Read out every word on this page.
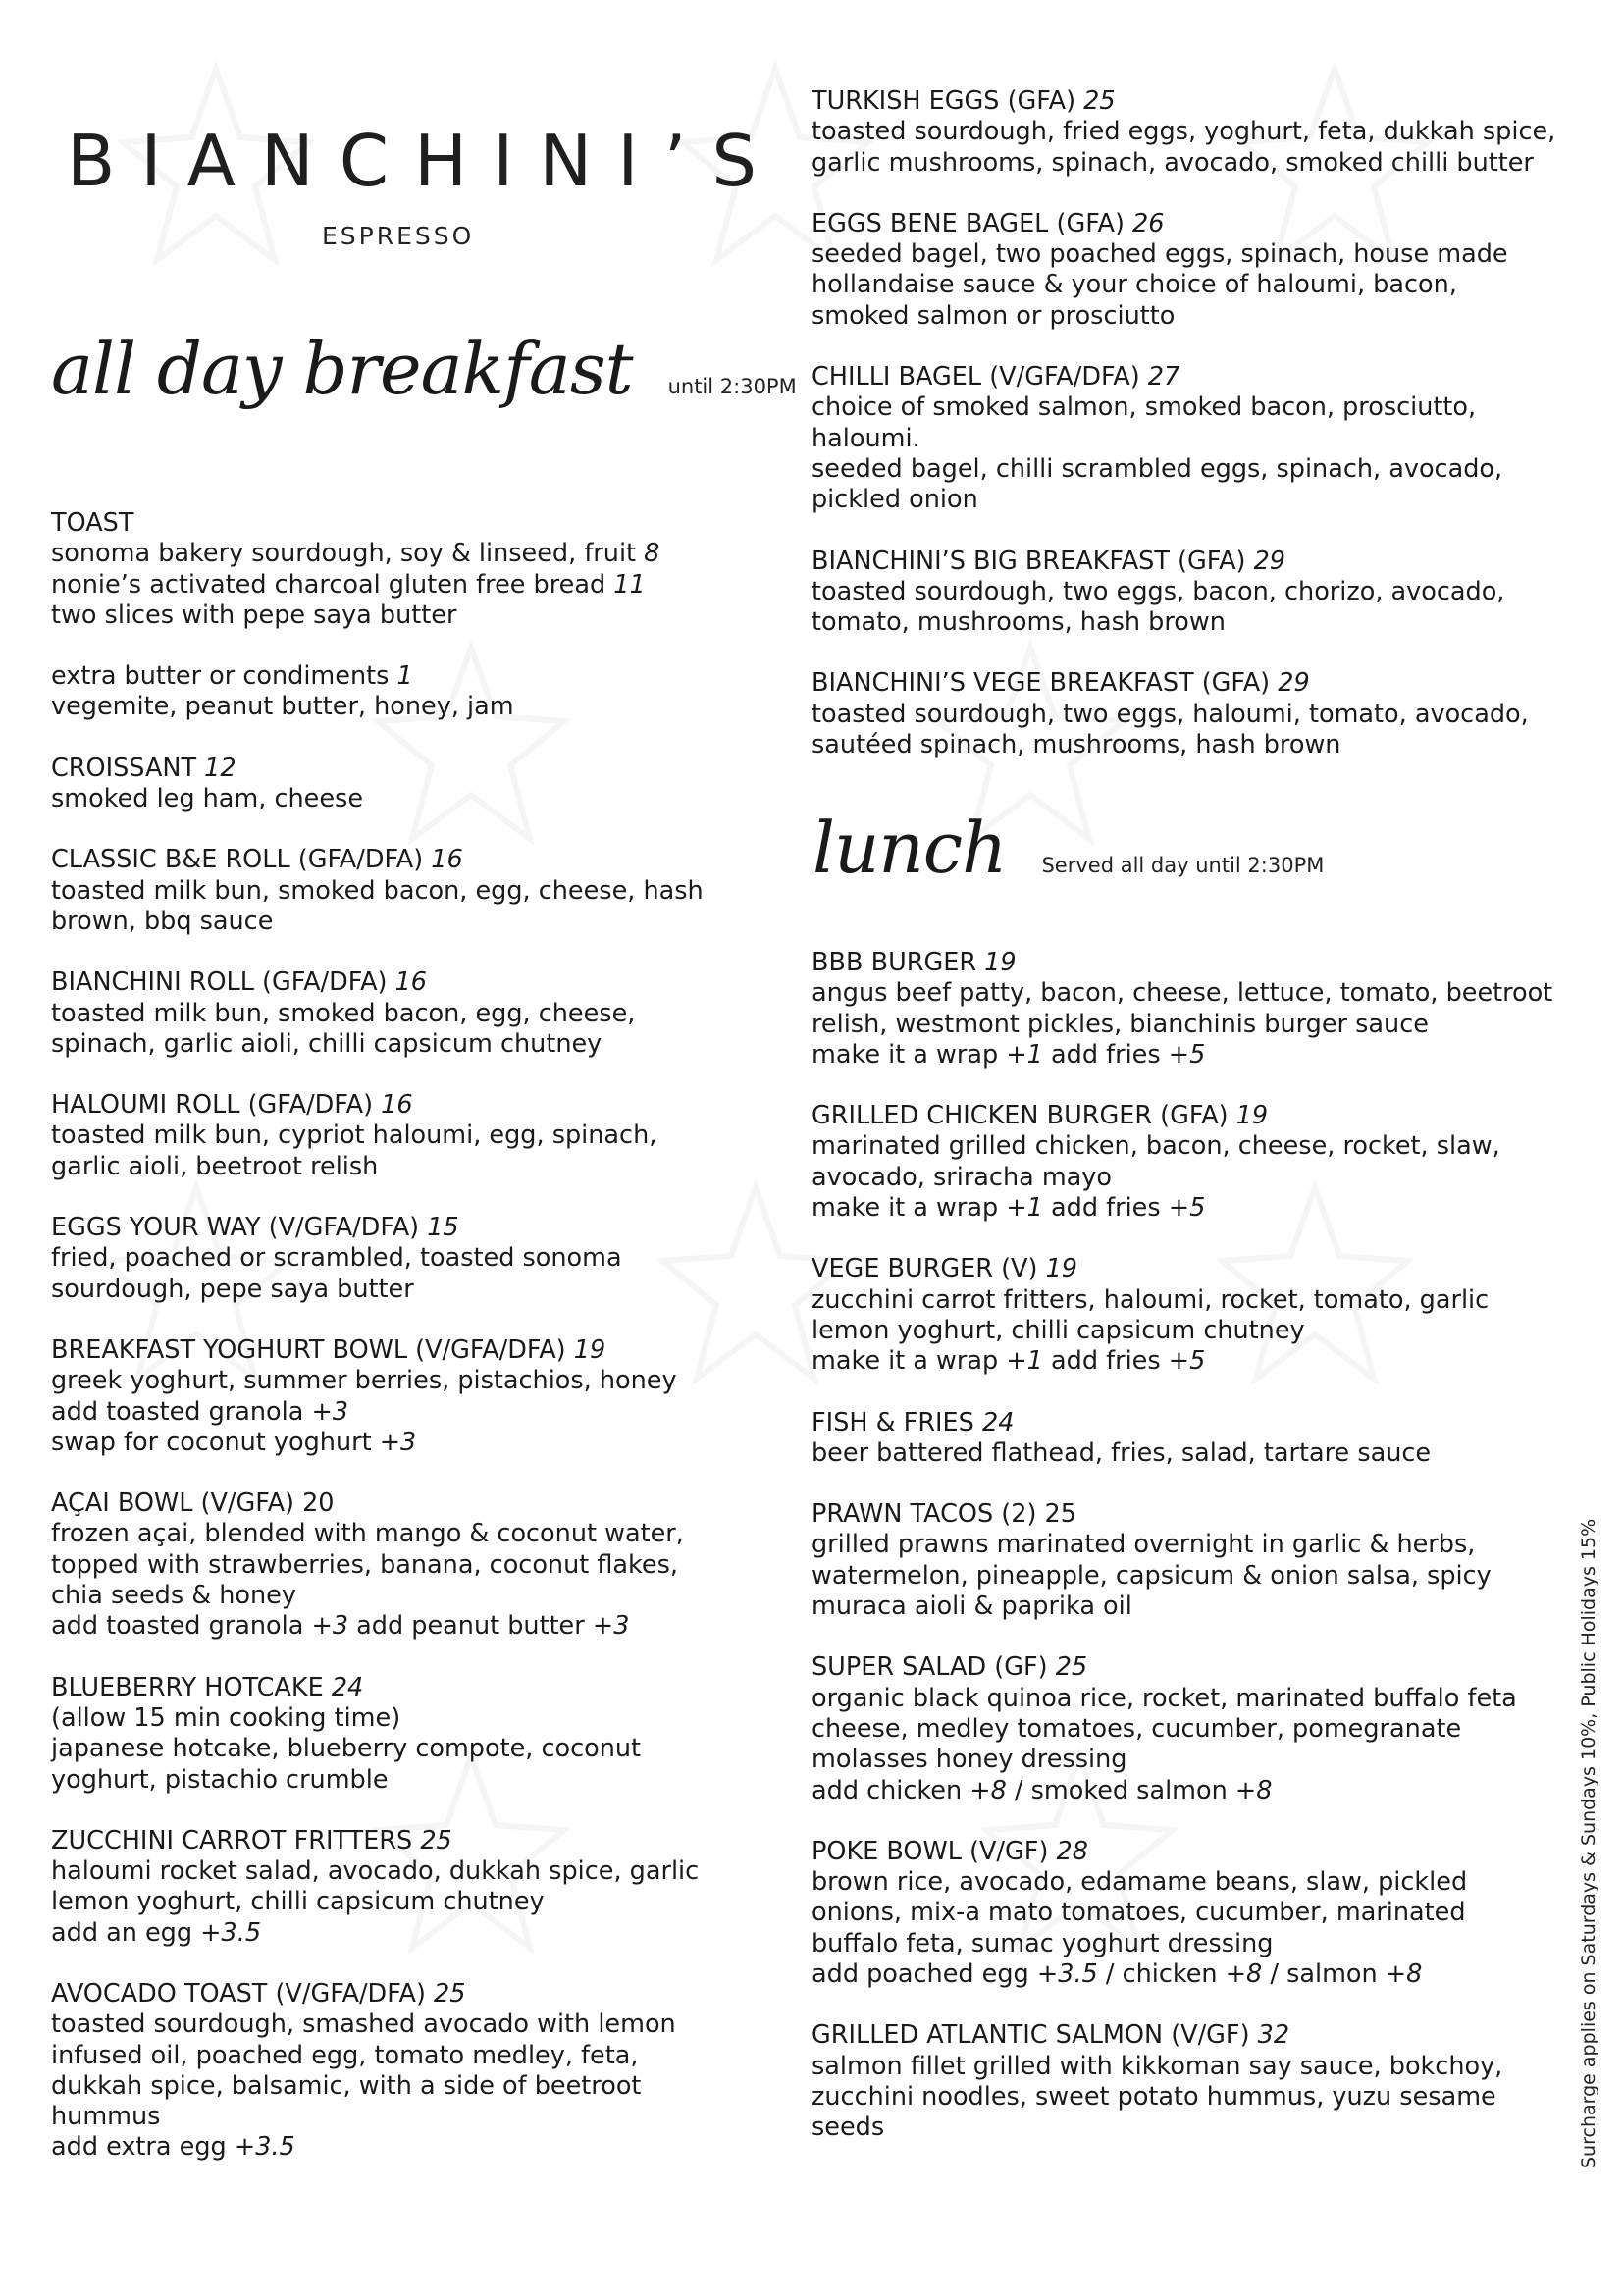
BIANCHINI’S
ESPRESSO
all day breakfast until 2:30PM
TOAST
sonoma bakery sourdough, soy & linseed, fruit 8
nonie’s activated charcoal gluten free bread 11
two slices with pepe saya butter
extra butter or condiments 1
vegemite, peanut butter, honey, jam
CROISSANT 12
smoked leg ham, cheese
CLASSIC B&E ROLL (GFA/DFA) 16
toasted milk bun, smoked bacon, egg, cheese, hash
brown, bbq sauce
BIANCHINI ROLL (GFA/DFA) 16
toasted milk bun, smoked bacon, egg, cheese,
spinach, garlic aioli, chilli capsicum chutney
HALOUMI ROLL (GFA/DFA) 16
toasted milk bun, cypriot haloumi, egg, spinach,
garlic aioli, beetroot relish
EGGS YOUR WAY (V/GFA/DFA) 15
fried, poached or scrambled, toasted sonoma
sourdough, pepe saya butter
BREAKFAST YOGHURT BOWL (V/GFA/DFA) 19
greek yoghurt, summer berries, pistachios, honey
add toasted granola +3
swap for coconut yoghurt +3
AÇAI BOWL (V/GFA) 20
frozen açai, blended with mango & coconut water,
topped with strawberries, banana, coconut flakes,
chia seeds & honey
add toasted granola +3 add peanut butter +3
BLUEBERRY HOTCAKE 24
(allow 15 min cooking time)
japanese hotcake, blueberry compote, coconut
yoghurt, pistachio crumble
ZUCCHINI CARROT FRITTERS 25
haloumi rocket salad, avocado, dukkah spice, garlic
lemon yoghurt, chilli capsicum chutney
add an egg +3.5
AVOCADO TOAST (V/GFA/DFA) 25
toasted sourdough, smashed avocado with lemon
infused oil, poached egg, tomato medley, feta,
dukkah spice, balsamic, with a side of beetroot
hummus
add extra egg +3.5
TURKISH EGGS (GFA) 25
toasted sourdough, fried eggs, yoghurt, feta, dukkah spice,
garlic mushrooms, spinach, avocado, smoked chilli butter
EGGS BENE BAGEL (GFA) 26
seeded bagel, two poached eggs, spinach, house made
hollandaise sauce & your choice of haloumi, bacon,
smoked salmon or prosciutto
CHILLI BAGEL (V/GFA/DFA) 27
choice of smoked salmon, smoked bacon, prosciutto,
haloumi.
seeded bagel, chilli scrambled eggs, spinach, avocado,
pickled onion
BIANCHINI’S BIG BREAKFAST (GFA) 29
toasted sourdough, two eggs, bacon, chorizo, avocado,
tomato, mushrooms, hash brown
BIANCHINI’S VEGE BREAKFAST (GFA) 29
toasted sourdough, two eggs, haloumi, tomato, avocado,
sautéed spinach, mushrooms, hash brown
lunch Served all day until 2:30PM
BBB BURGER 19
angus beef patty, bacon, cheese, lettuce, tomato, beetroot
relish, westmont pickles, bianchinis burger sauce
make it a wrap +1 add fries +5
GRILLED CHICKEN BURGER (GFA) 19
marinated grilled chicken, bacon, cheese, rocket, slaw,
avocado, sriracha mayo
make it a wrap +1 add fries +5
VEGE BURGER (V) 19
zucchini carrot fritters, haloumi, rocket, tomato, garlic
lemon yoghurt, chilli capsicum chutney
make it a wrap +1 add fries +5
FISH & FRIES 24
beer battered flathead, fries, salad, tartare sauce
PRAWN TACOS (2) 25
grilled prawns marinated overnight in garlic & herbs,
watermelon, pineapple, capsicum & onion salsa, spicy
muraca aioli & paprika oil
SUPER SALAD (GF) 25
organic black quinoa rice, rocket, marinated buffalo feta
cheese, medley tomatoes, cucumber, pomegranate
molasses honey dressing
add chicken +8 / smoked salmon +8
POKE BOWL (V/GF) 28
brown rice, avocado, edamame beans, slaw, pickled
onions, mix-a mato tomatoes, cucumber, marinated
buffalo feta, sumac yoghurt dressing
add poached egg +3.5 / chicken +8 / salmon +8
GRILLED ATLANTIC SALMON (V/GF) 32
salmon fillet grilled with kikkoman say sauce, bokchoy,
zucchini noodles, sweet potato hummus, yuzu sesame
seeds	Surcharge applies on Saturdays & Sundays 10%, Public Holidays 15%
